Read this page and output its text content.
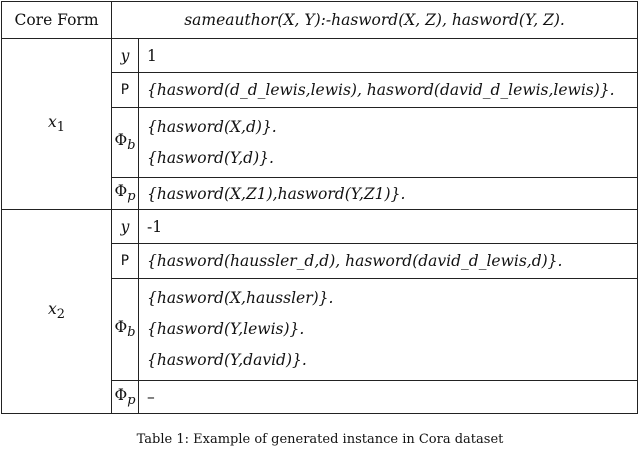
Core Form	sameauthor(X, Y):-hasword(X, Z), hasword(Y, Z).	
$x_1$	y	1
	P	{hasword(d_d_lewis,lewis), hasword(david_d_lewis,lewis)}.
	$\Phi_b$	{hasword(X,d)}.
{hasword(Y,d)}.

	$\Phi_p$	{hasword(X,Z1),hasword(Y,Z1)}.
$x_2$	y	-1
	P	{hasword(haussler_d,d), hasword(david_d_lewis,d)}.
	$\Phi_b$	{hasword(X,haussler)}.
{hasword(Y,lewis)}.
{hasword(Y,david)}.

	$\Phi_p$	–
Table 1: Example of generated instance in Cora dataset
